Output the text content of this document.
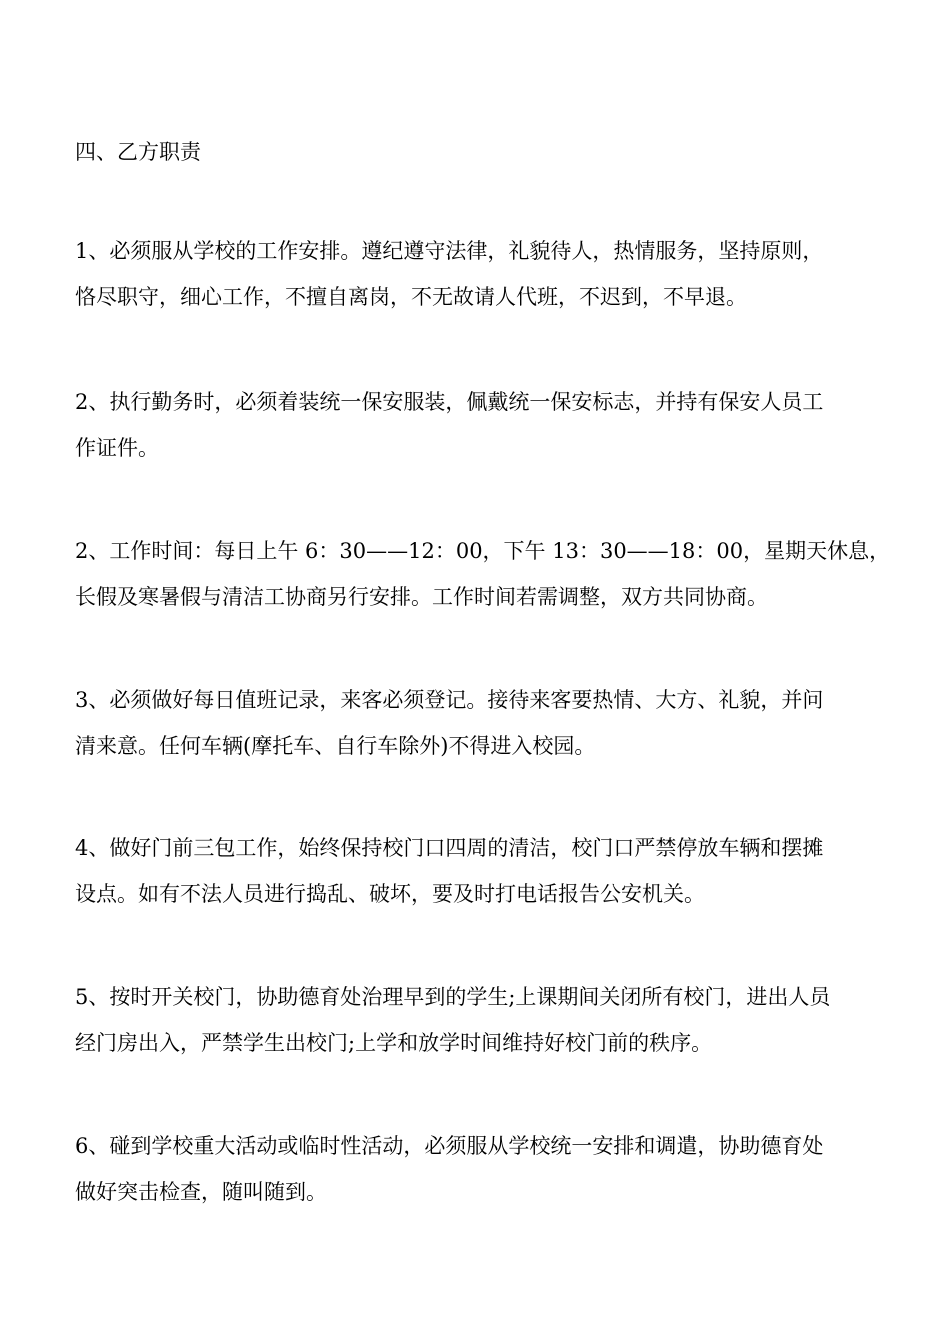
四、乙方职责
1、必须服从学校的工作安排。遵纪遵守法律，礼貌待人，热情服务，坚持原则，
恪尽职守，细心工作，不擅自离岗，不无故请人代班，不迟到，不早退。
2、执行勤务时，必须着装统一保安服装，佩戴统一保安标志，并持有保安人员工
作证件。
2、工作时间：每日上午 6：30——12：00，下午 13：30——18：00，星期天休息，
长假及寒暑假与清洁工协商另行安排。工作时间若需调整，双方共同协商。
3、必须做好每日值班记录，来客必须登记。接待来客要热情、大方、礼貌，并问
清来意。任何车辆(摩托车、自行车除外)不得进入校园。
4、做好门前三包工作，始终保持校门口四周的清洁，校门口严禁停放车辆和摆摊
设点。如有不法人员进行捣乱、破坏，要及时打电话报告公安机关。
5、按时开关校门，协助德育处治理早到的学生;上课期间关闭所有校门，进出人员
经门房出入，严禁学生出校门;上学和放学时间维持好校门前的秩序。
6、碰到学校重大活动或临时性活动，必须服从学校统一安排和调遣，协助德育处
做好突击检查，随叫随到。
